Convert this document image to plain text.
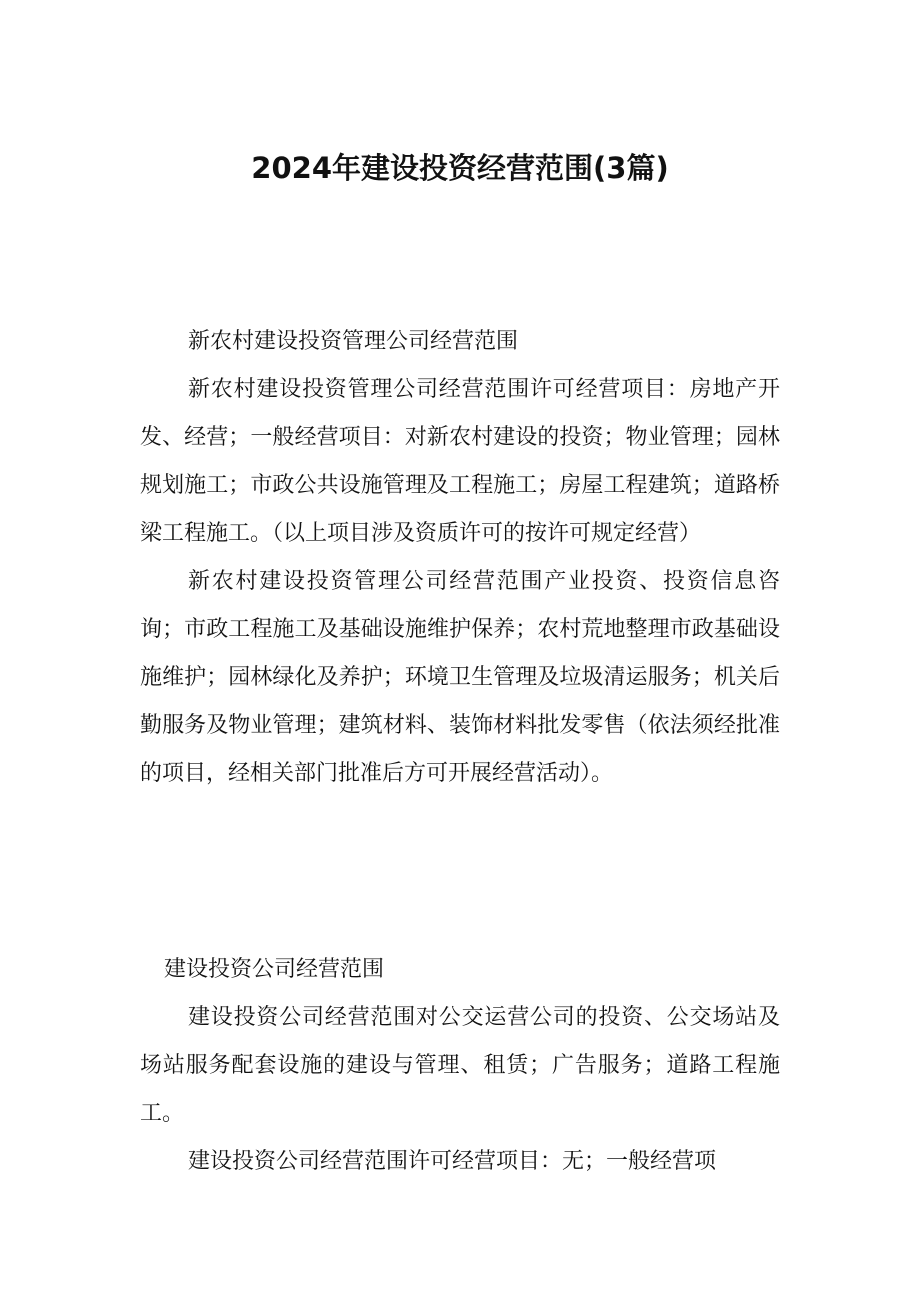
2024年建设投资经营范围(3篇)

新农村建设投资管理公司经营范围

新农村建设投资管理公司经营范围许可经营项目：房地产开发、经营；一般经营项目：对新农村建设的投资；物业管理；园林规划施工；市政公共设施管理及工程施工；房屋工程建筑；道路桥梁工程施工。（以上项目涉及资质许可的按许可规定经营）

新农村建设投资管理公司经营范围产业投资、投资信息咨询；市政工程施工及基础设施维护保养；农村荒地整理市政基础设施维护；园林绿化及养护；环境卫生管理及垃圾清运服务；机关后勤服务及物业管理；建筑材料、装饰材料批发零售（依法须经批准的项目，经相关部门批准后方可开展经营活动）。

建设投资公司经营范围

建设投资公司经营范围对公交运营公司的投资、公交场站及场站服务配套设施的建设与管理、租赁；广告服务；道路工程施工。

建设投资公司经营范围许可经营项目：无；一般经营项
